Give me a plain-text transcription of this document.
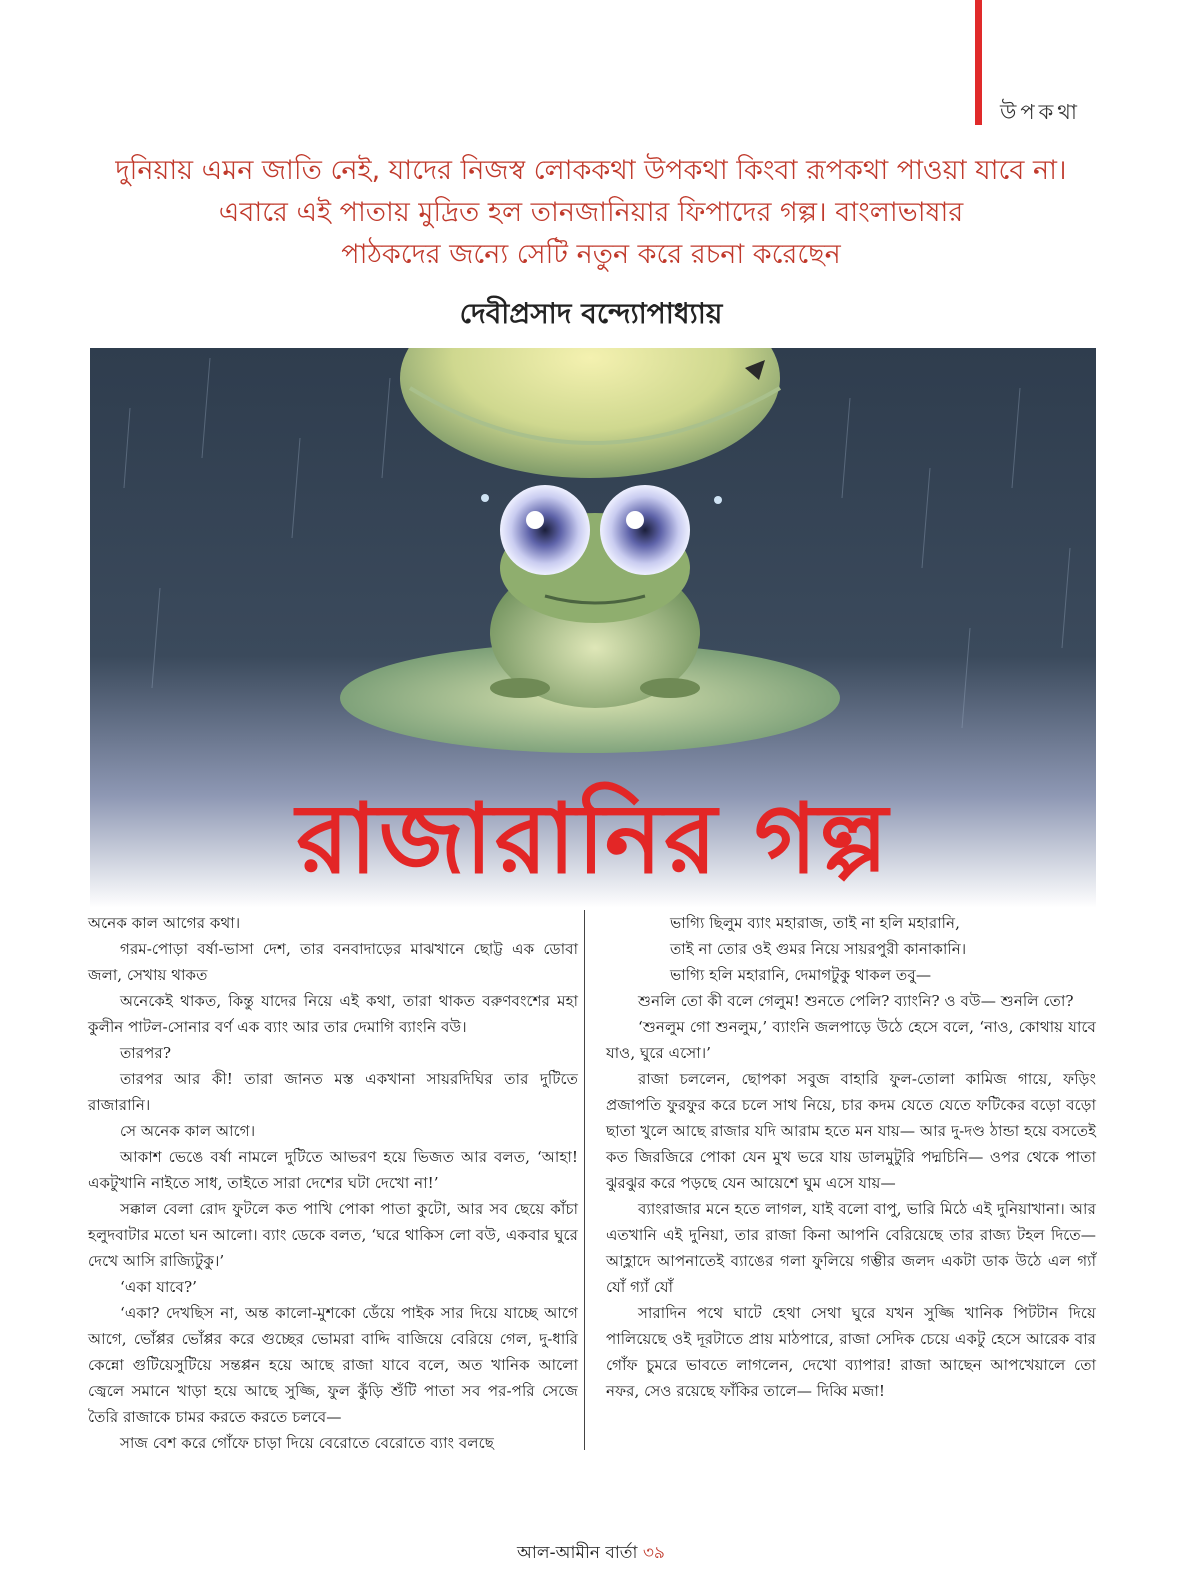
উপকথা
দুনিয়ায় এমন জাতি নেই, যাদের নিজস্ব লোককথা উপকথা কিংবা রূপকথা পাওয়া যাবে না।
এবারে এই পাতায় মুদ্রিত হল তানজানিয়ার ফিপাদের গল্প। বাংলাভাষার
পাঠকদের জন্যে সেটি নতুন করে রচনা করেছেন
দেবীপ্রসাদ বন্দ্যোপাধ্যায়
রাজারানির গল্প

অনেক কাল আগের কথা।

গরম-পোড়া বর্ষা-ভাসা দেশ, তার বনবাদাড়ের মাঝখানে ছোট্ট এক ডোবা জলা, সেখায় থাকত

অনেকেই থাকত, কিন্তু যাদের নিয়ে এই কথা, তারা থাকত বরুণবংশের মহা কুলীন পাটল-সোনার বর্ণ এক ব্যাং আর তার দেমাগি ব্যাংনি বউ।

তারপর?

তারপর আর কী! তারা জানত মস্ত একখানা সায়রদিঘির তার দুটিতে রাজারানি।

সে অনেক কাল আগে।

আকাশ ভেঙে বর্ষা নামলে দুটিতে আভরণ হয়ে ভিজত আর বলত, ‘আহা! একটুখানি নাইতে সাধ, তাইতে সারা দেশের ঘটা দেখো না!’

সক্কাল বেলা রোদ ফুটলে কত পাখি পোকা পাতা কুটো, আর সব ছেয়ে কাঁচা হলুদবাটার মতো ঘন আলো। ব্যাং ডেকে বলত, ‘ঘরে থাকিস লো বউ, একবার ঘুরে দেখে আসি রাজ্যিটুকু।’

‘একা যাবে?’

‘একা? দেখছিস না, অন্ত কালো-মুশকো ডেঁয়ে পাইক সার দিয়ে যাচ্ছে আগে আগে, ভোঁপ্পর ভোঁপ্পর করে গুচ্ছের ভোমরা বাদ্দি বাজিয়ে বেরিয়ে গেল, দু-ধারি কেন্নো গুটিয়েসুটিয়ে সন্তপ্পন হয়ে আছে রাজা যাবে বলে, অত খানিক আলো জ্বেলে সমানে খাড়া হয়ে আছে সুজ্জি, ফুল কুঁড়ি শুঁটি পাতা সব পর-পরি সেজে তৈরি রাজাকে চামর করতে করতে চলবে—

সাজ বেশ করে গোঁফে চাড়া দিয়ে বেরোতে বেরোতে ব্যাং বলছে

ভাগ্যি ছিলুম ব্যাং মহারাজ, তাই না হলি মহারানি,

তাই না তোর ওই গুমর নিয়ে সায়রপুরী কানাকানি।

ভাগ্যি হলি মহারানি, দেমাগটুকু থাকল তবু—

শুনলি তো কী বলে গেলুম! শুনতে পেলি? ব্যাংনি? ও বউ— শুনলি তো?

‘শুনলুম গো শুনলুম,’ ব্যাংনি জলপাড়ে উঠে হেসে বলে, ‘নাও, কোথায় যাবে যাও, ঘুরে এসো।’

রাজা চললেন, ছোপকা সবুজ বাহারি ফুল-তোলা কামিজ গায়ে, ফড়িং প্রজাপতি ফুরফুর করে চলে সাথ নিয়ে, চার কদম যেতে যেতে ফটিকের বড়ো বড়ো ছাতা খুলে আছে রাজার যদি আরাম হতে মন যায়— আর দু-দণ্ড ঠান্ডা হয়ে বসতেই কত জিরজিরে পোকা যেন মুখ ভরে যায় ডালমুটুরি পদ্মচিনি— ওপর থেকে পাতা ঝুরঝুর করে পড়ছে যেন আয়েশে ঘুম এসে যায়—

ব্যাংরাজার মনে হতে লাগল, যাই বলো বাপু, ভারি মিঠে এই দুনিয়াখানা। আর এতখানি এই দুনিয়া, তার রাজা কিনা আপনি বেরিয়েছে তার রাজ্য টহল দিতে— আহ্লাদে আপনাতেই ব্যাঙের গলা ফুলিয়ে গম্ভীর জলদ একটা ডাক উঠে এল গ্যাঁ যোঁ গ্যাঁ যোঁ

সারাদিন পথে ঘাটে হেথা সেথা ঘুরে যখন সুজ্জি খানিক পিটটান দিয়ে পালিয়েছে ওই দূরটাতে প্রায় মাঠপারে, রাজা সেদিক চেয়ে একটু হেসে আরেক বার গোঁফ চুমরে ভাবতে লাগলেন, দেখো ব্যাপার! রাজা আছেন আপখেয়ালে তো নফর, সেও রয়েছে ফাঁকির তালে— দিব্বি মজা!

আল-আমীন বার্তা ৩৯
